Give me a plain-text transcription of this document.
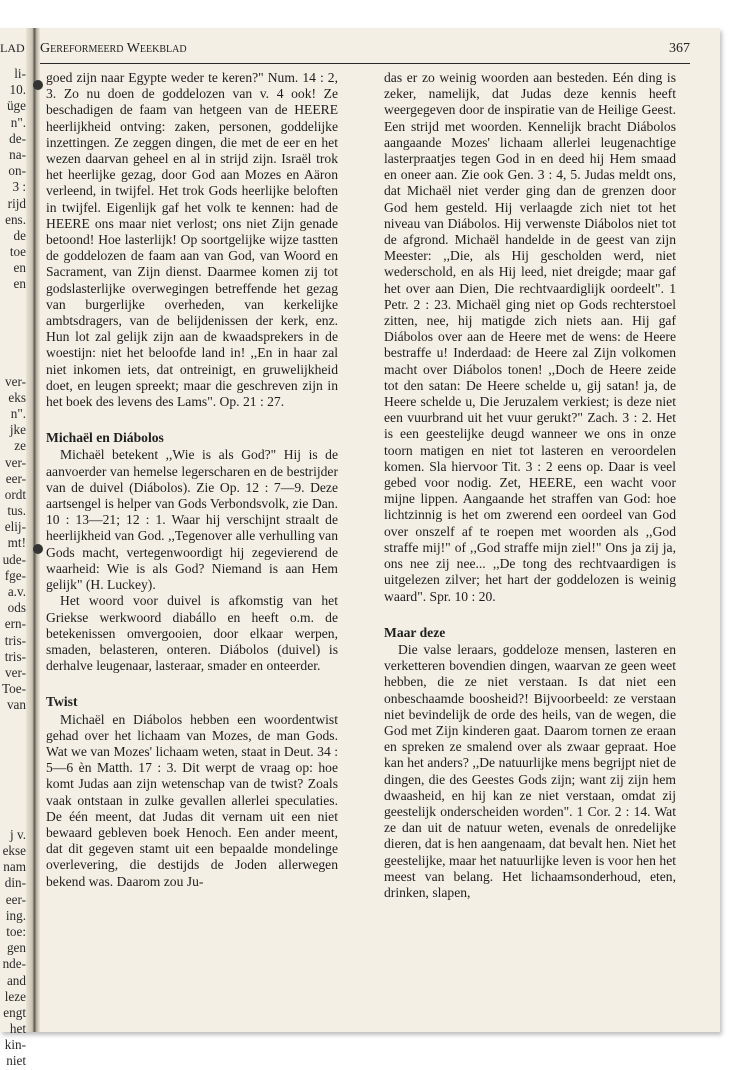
LAD
li-
10.
üge
n".
de-
na-
on-
3 :
rijd
ens.
de
toe
en
en
ver-
eks
n".
jke
ze
ver-
eer-
ordt
tus.
elij-
mt!
ude-
fge-
a.v.
ods
ern-
tris-
tris-
ver-
Toe-
van
j v.
ekse
nam
din-
eer-
ing.
toe:
gen
nde-
and
leze
engt
het
kin-
niet
Gereformeerd Weekblad	367

goed zijn naar Egypte weder te keren?" Num. 14 : 2, 3. Zo nu doen de goddelozen van v. 4 ook! Ze beschadigen de faam van hetgeen van de HEERE heerlijkheid ontving: zaken, personen, goddelijke inzettingen. Ze zeggen dingen, die met de eer en het wezen daarvan geheel en al in strijd zijn. Israël trok het heerlijke gezag, door God aan Mozes en Aäron verleend, in twijfel. Het trok Gods heerlijke beloften in twijfel. Eigenlijk gaf het volk te kennen: had de HEERE ons maar niet verlost; ons niet Zijn genade betoond! Hoe lasterlijk! Op soortgelijke wijze tastten de goddelozen de faam aan van God, van Woord en Sacrament, van Zijn dienst. Daarmee komen zij tot godslasterlijke overwegingen betreffende het gezag van burgerlijke overheden, van kerkelijke ambtsdragers, van de belijdenissen der kerk, enz. Hun lot zal gelijk zijn aan de kwaadsprekers in de woestijn: niet het beloofde land in! ,,En in haar zal niet inkomen iets, dat ontreinigt, en gruwelijkheid doet, en leugen spreekt; maar die geschreven zijn in het boek des levens des Lams". Op. 21 : 27.

Michaël en Diábolos

Michaël betekent ,,Wie is als God?" Hij is de aanvoerder van hemelse legerscharen en de bestrijder van de duivel (Diábolos). Zie Op. 12 : 7—9. Deze aartsengel is helper van Gods Verbondsvolk, zie Dan. 10 : 13—21; 12 : 1. Waar hij verschijnt straalt de heerlijkheid van God. ,,Tegenover alle verhulling van Gods macht, vertegenwoordigt hij zegevierend de waarheid: Wie is als God? Niemand is aan Hem gelijk" (H. Luckey).

Het woord voor duivel is afkomstig van het Griekse werkwoord diabállo en heeft o.m. de betekenissen omvergooien, door elkaar werpen, smaden, belasteren, onteren. Diábolos (duivel) is derhalve leugenaar, lasteraar, smader en onteerder.

Twist

Michaël en Diábolos hebben een woordentwist gehad over het lichaam van Mozes, de man Gods. Wat we van Mozes' lichaam weten, staat in Deut. 34 : 5—6 èn Matth. 17 : 3. Dit werpt de vraag op: hoe komt Judas aan zijn wetenschap van de twist? Zoals vaak ontstaan in zulke gevallen allerlei speculaties. De één meent, dat Judas dit vernam uit een niet bewaard gebleven boek Henoch. Een ander meent, dat dit gegeven stamt uit een bepaalde mondelinge overlevering, die destijds de Joden allerwegen bekend was. Daarom zou Ju-

das er zo weinig woorden aan besteden. Eén ding is zeker, namelijk, dat Judas deze kennis heeft weergegeven door de inspiratie van de Heilige Geest. Een strijd met woorden. Kennelijk bracht Diábolos aangaande Mozes' lichaam allerlei leugenachtige lasterpraatjes tegen God in en deed hij Hem smaad en oneer aan. Zie ook Gen. 3 : 4, 5. Judas meldt ons, dat Michaël niet verder ging dan de grenzen door God hem gesteld. Hij verlaagde zich niet tot het niveau van Diábolos. Hij verwenste Diábolos niet tot de afgrond. Michaël handelde in de geest van zijn Meester: ,,Die, als Hij gescholden werd, niet wederschold, en als Hij leed, niet dreigde; maar gaf het over aan Dien, Die rechtvaardiglijk oordeelt". 1 Petr. 2 : 23. Michaël ging niet op Gods rechterstoel zitten, nee, hij matigde zich niets aan. Hij gaf Diábolos over aan de Heere met de wens: de Heere bestraffe u! Inderdaad: de Heere zal Zijn volkomen macht over Diábolos tonen! ,,Doch de Heere zeide tot den satan: De Heere schelde u, gij satan! ja, de Heere schelde u, Die Jeruzalem verkiest; is deze niet een vuurbrand uit het vuur gerukt?" Zach. 3 : 2. Het is een geestelijke deugd wanneer we ons in onze toorn matigen en niet tot lasteren en veroordelen komen. Sla hiervoor Tit. 3 : 2 eens op. Daar is veel gebed voor nodig. Zet, HEERE, een wacht voor mijne lippen. Aangaande het straffen van God: hoe lichtzinnig is het om zwerend een oordeel van God over onszelf af te roepen met woorden als ,,God straffe mij!" of ,,God straffe mijn ziel!" Ons ja zij ja, ons nee zij nee... ,,De tong des rechtvaardigen is uitgelezen zilver; het hart der goddelozen is weinig waard". Spr. 10 : 20.

Maar deze

Die valse leraars, goddeloze mensen, lasteren en verketteren bovendien dingen, waarvan ze geen weet hebben, die ze niet verstaan. Is dat niet een onbeschaamde boosheid?! Bijvoorbeeld: ze verstaan niet bevindelijk de orde des heils, van de wegen, die God met Zijn kinderen gaat. Daarom tornen ze eraan en spreken ze smalend over als zwaar gepraat. Hoe kan het anders? ,,De natuurlijke mens begrijpt niet de dingen, die des Geestes Gods zijn; want zij zijn hem dwaasheid, en hij kan ze niet verstaan, omdat zij geestelijk onderscheiden worden". 1 Cor. 2 : 14. Wat ze dan uit de natuur weten, evenals de onredelijke dieren, dat is hen aangenaam, dat bevalt hen. Niet het geestelijke, maar het natuurlijke leven is voor hen het meest van belang. Het lichaamsonderhoud, eten, drinken, slapen,
